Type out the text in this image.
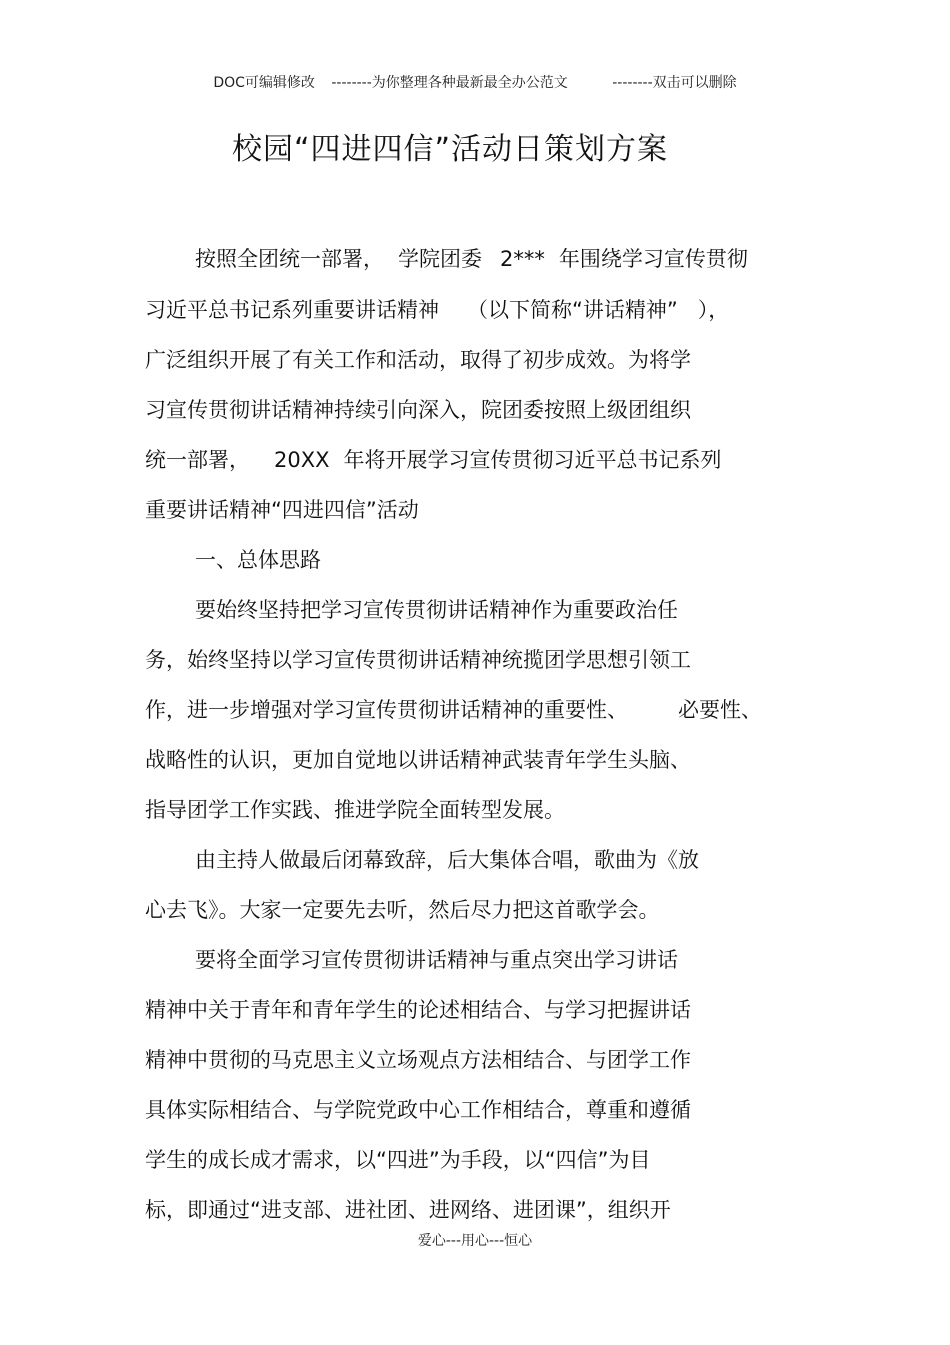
DOC可编辑修改 --------为你整理各种最新最全办公范文	--------双击可以删除
校园“四进四信”活动日策划方案
按照全团统一部署， 学院团委 2*** 年围绕学习宣传贯彻
习近平总书记系列重要讲话精神 （以下简称“讲话精神” ），
广泛组织开展了有关工作和活动，取得了初步成效。为将学
习宣传贯彻讲话精神持续引向深入，院团委按照上级团组织
统一部署， 20XX 年将开展学习宣传贯彻习近平总书记系列
重要讲话精神“四进四信”活动
一、总体思路
要始终坚持把学习宣传贯彻讲话精神作为重要政治任
务，始终坚持以学习宣传贯彻讲话精神统揽团学思想引领工
作，进一步增强对学习宣传贯彻讲话精神的重要性、 必要性、
战略性的认识，更加自觉地以讲话精神武装青年学生头脑、
指导团学工作实践、推进学院全面转型发展。
由主持人做最后闭幕致辞，后大集体合唱，歌曲为《放
心去飞》。大家一定要先去听，然后尽力把这首歌学会。
要将全面学习宣传贯彻讲话精神与重点突出学习讲话
精神中关于青年和青年学生的论述相结合、与学习把握讲话
精神中贯彻的马克思主义立场观点方法相结合、与团学工作
具体实际相结合、与学院党政中心工作相结合，尊重和遵循
学生的成长成才需求，以“四进”为手段，以“四信”为目
标，即通过“进支部、进社团、进网络、进团课”，组织开
爱心---用心---恒心
